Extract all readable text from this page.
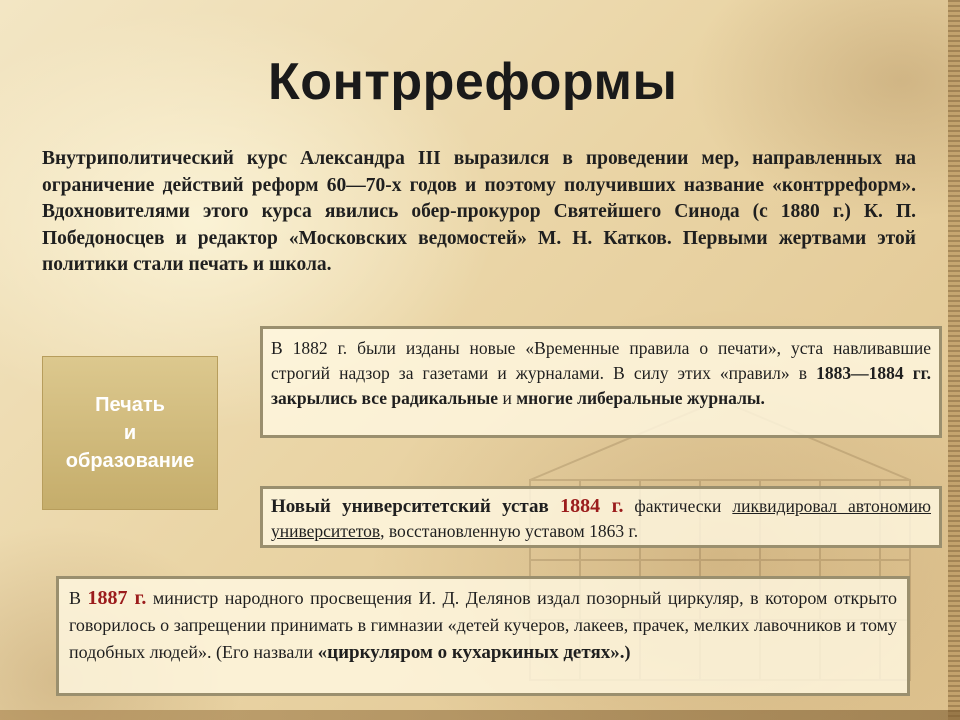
Контрреформы

Внутриполитический курс Александра III выразился в проведении мер, направленных на ограничение действий реформ 60—70-х годов и поэтому получивших название «контрреформ». Вдохновителями этого курса явились обер-прокурор Святейшего Синода (с 1880 г.) К. П. Победоносцев и редактор «Московских ведомостей» М. Н. Катков. Первыми жертвами этой политики стали печать и школа.

Печать
и
образование
В 1882 г. были изданы новые «Временные правила о печати», уста навливавшие строгий надзор за газетами и журналами. В силу этих «правил» в 1883—1884 гг. закрылись все радикальные и многие либеральные журналы.
Новый университетский устав 1884 г. фактически ликвидировал автономию университетов, восстановленную уставом 1863 г.
В 1887 г. министр народного просвещения И. Д. Делянов издал позорный циркуляр, в котором открыто говорилось о запрещении принимать в гимназии «детей кучеров, лакеев, прачек, мелких лавочников и тому подобных людей». (Его назвали «циркуляром о кухаркиных детях».)
